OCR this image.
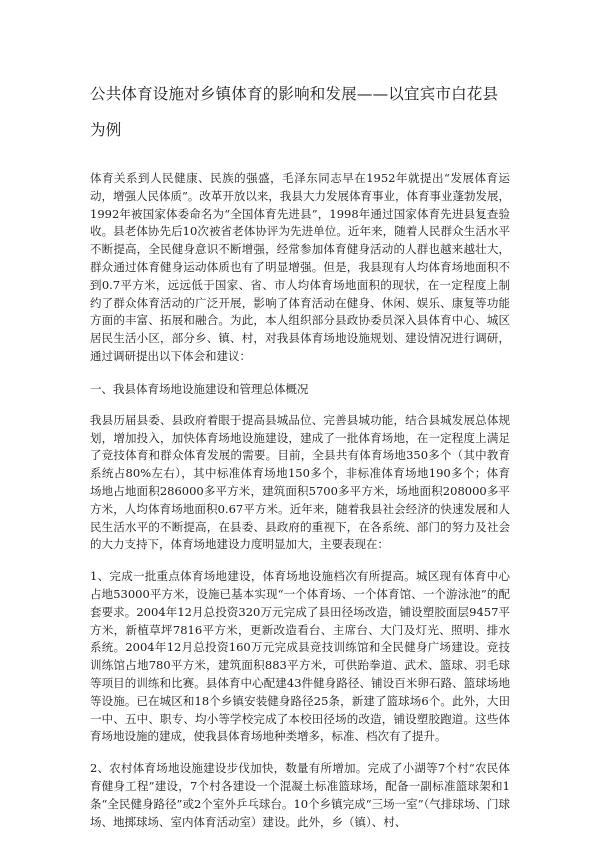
公共体育设施对乡镇体育的影响和发展——以宜宾市白花县为例

体育关系到人民健康、民族的强盛，毛泽东同志早在1952年就提出“发展体育运动，增强人民体质”。改革开放以来，我县大力发展体育事业，体育事业蓬勃发展，1992年被国家体委命名为“全国体育先进县”，1998年通过国家体育先进县复查验收。县老体协先后10次被省老体协评为先进单位。近年来，随着人民群众生活水平不断提高，全民健身意识不断增强，经常参加体育健身活动的人群也越来越壮大，群众通过体育健身运动体质也有了明显增强。但是，我县现有人均体育场地面积不到0.7平方米，远远低于国家、省、市人均体育场地面积的现状，在一定程度上制约了群众体育活动的广泛开展，影响了体育活动在健身、休闲、娱乐、康复等功能方面的丰富、拓展和融合。为此，本人组织部分县政协委员深入县体育中心、城区居民生活小区，部分乡、镇、村，对我县体育场地设施规划、建设情况进行调研，通过调研提出以下体会和建议：

一、我县体育场地设施建设和管理总体概况

我县历届县委、县政府着眼于提高县城品位、完善县城功能，结合县城发展总体规划，增加投入，加快体育场地设施建设，建成了一批体育场地，在一定程度上满足了竞技体育和群众体育发展的需要。目前，全县共有体育场地350多个（其中教育系统占80%左右），其中标准体育场地150多个，非标准体育场地190多个；体育场地占地面积286000多平方米，建筑面积5700多平方米，场地面积208000多平方米，人均体育场地面积0.67平方米。近年来，随着我县社会经济的快速发展和人民生活水平的不断提高，在县委、县政府的重视下，在各系统、部门的努力及社会的大力支持下，体育场地建设力度明显加大，主要表现在：

1、完成一批重点体育场地建设，体育场地设施档次有所提高。城区现有体育中心占地53000平方米，设施已基本实现“一个体育场、一个体育馆、一个游泳池”的配套要求。2004年12月总投资320万元完成了县田径场改造，铺设塑胶面层9457平方米，新植草坪7816平方米，更新改造看台、主席台、大门及灯光、照明、排水系统。2004年12月总投资160万元完成县竞技训练馆和全民健身广场建设。竞技训练馆占地780平方米，建筑面积883平方米，可供跆拳道、武术、篮球、羽毛球等项目的训练和比赛。县体育中心配建43件健身路径、铺设百米卵石路、篮球场地等设施。已在城区和18个乡镇安装健身路径25条，新建了篮球场6个。此外，大田一中、五中、职专、均小等学校完成了本校田径场的改造，铺设塑胶跑道。这些体育场地设施的建成，使我县体育场地种类增多，标准、档次有了提升。

2、农村体育场地设施建设步伐加快，数量有所增加。完成了小湖等7个村“农民体育健身工程”建设，7个村各建设一个混凝土标准篮球场，配备一副标准篮球架和1条“全民健身路径”或2个室外乒乓球台。10个乡镇完成“三场一室”（气排球场、门球场、地掷球场、室内体育活动室）建设。此外，乡（镇）、村、
